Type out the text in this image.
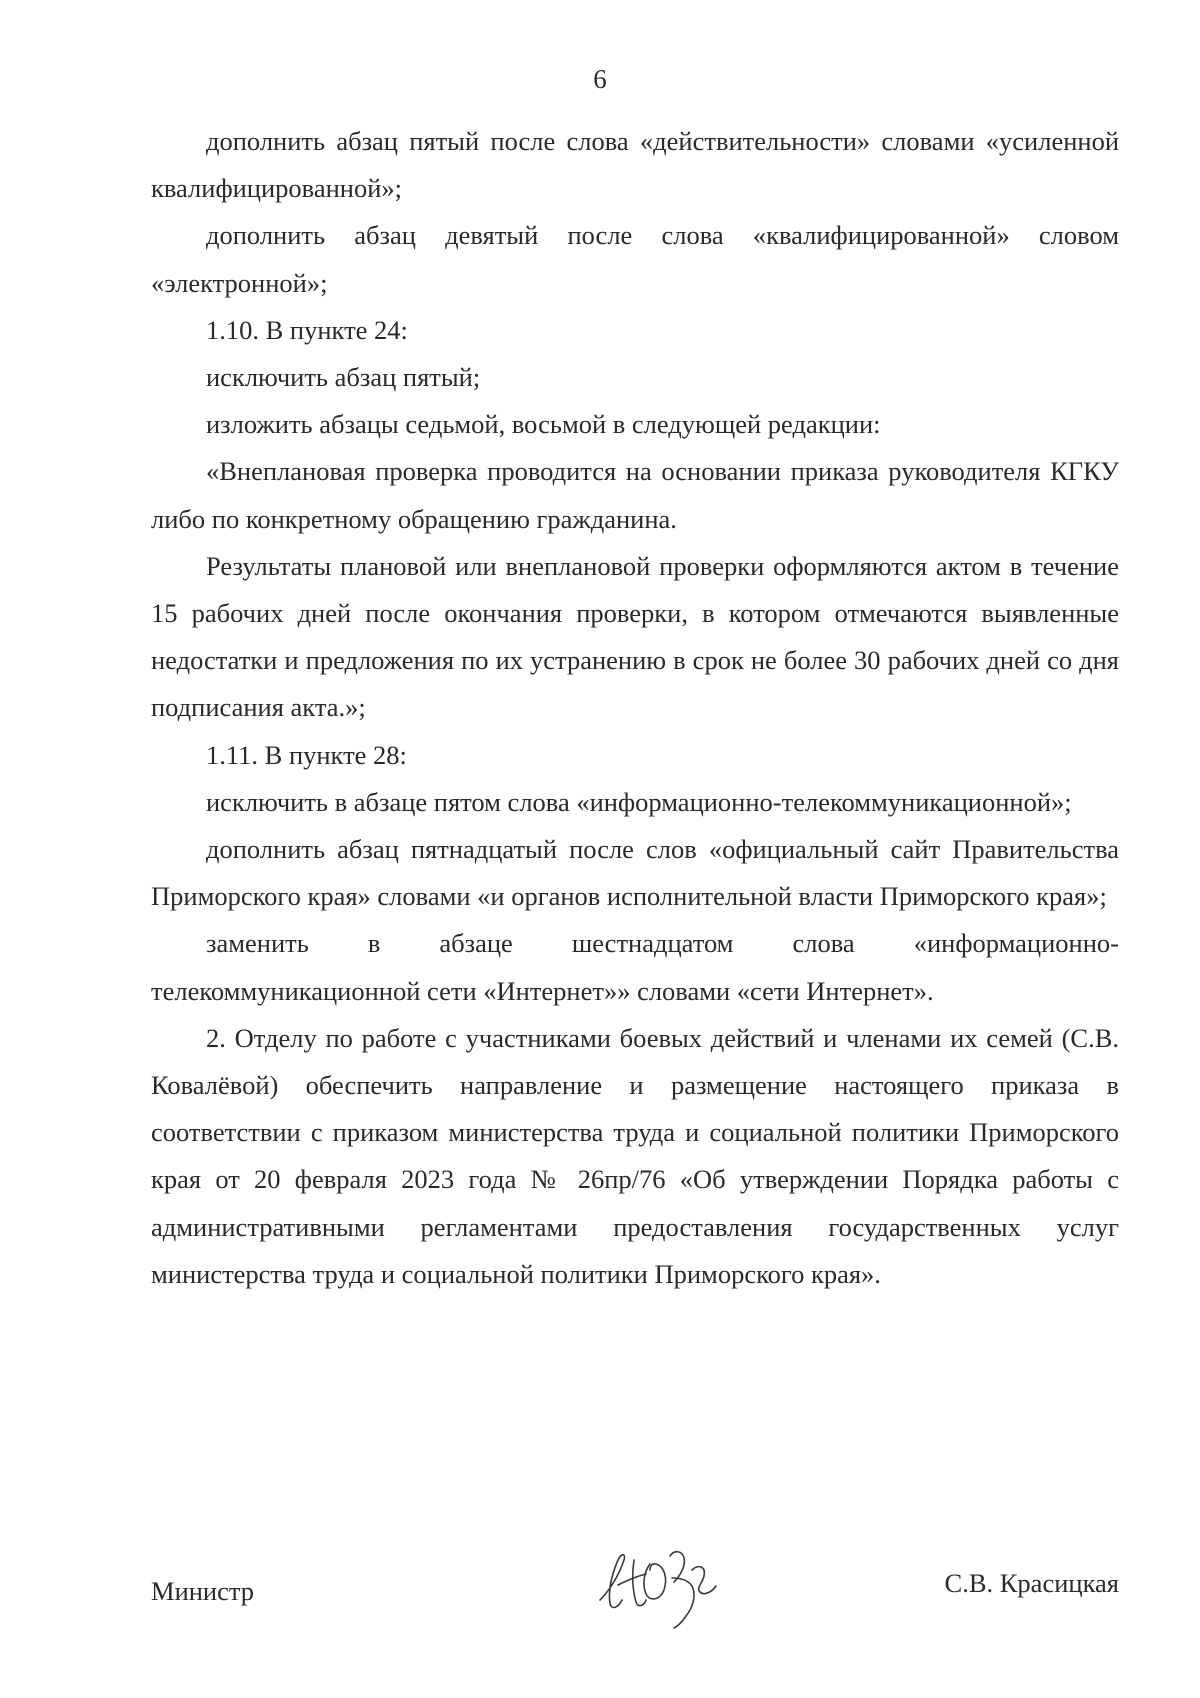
6

дополнить абзац пятый после слова «действительности» словами «усиленной квалифицированной»;

дополнить абзац девятый после слова «квалифицированной» словом «электронной»;

1.10. В пункте 24:

исключить абзац пятый;

изложить абзацы седьмой, восьмой в следующей редакции:

«Внеплановая проверка проводится на основании приказа руководителя КГКУ либо по конкретному обращению гражданина.

Результаты плановой или внеплановой проверки оформляются актом в течение 15 рабочих дней после окончания проверки, в котором отмечаются выявленные недостатки и предложения по их устранению в срок не более 30 рабочих дней со дня подписания акта.»;

1.11. В пункте 28:

исключить в абзаце пятом слова «информационно-телекоммуникационной»;

дополнить абзац пятнадцатый после слов «официальный сайт Правительства Приморского края» словами «и органов исполнительной власти Приморского края»;

заменить в абзаце шестнадцатом слова «информационно-телекоммуникационной сети «Интернет»» словами «сети Интернет».

2. Отделу по работе с участниками боевых действий и членами их семей (С.В. Ковалёвой) обеспечить направление и размещение настоящего приказа в соответствии с приказом министерства труда и социальной политики Приморского края от 20 февраля 2023 года № 26пр/76 «Об утверждении Порядка работы с административными регламентами предоставления государственных услуг министерства труда и социальной политики Приморского края».

Министр	С.В. Красицкая
